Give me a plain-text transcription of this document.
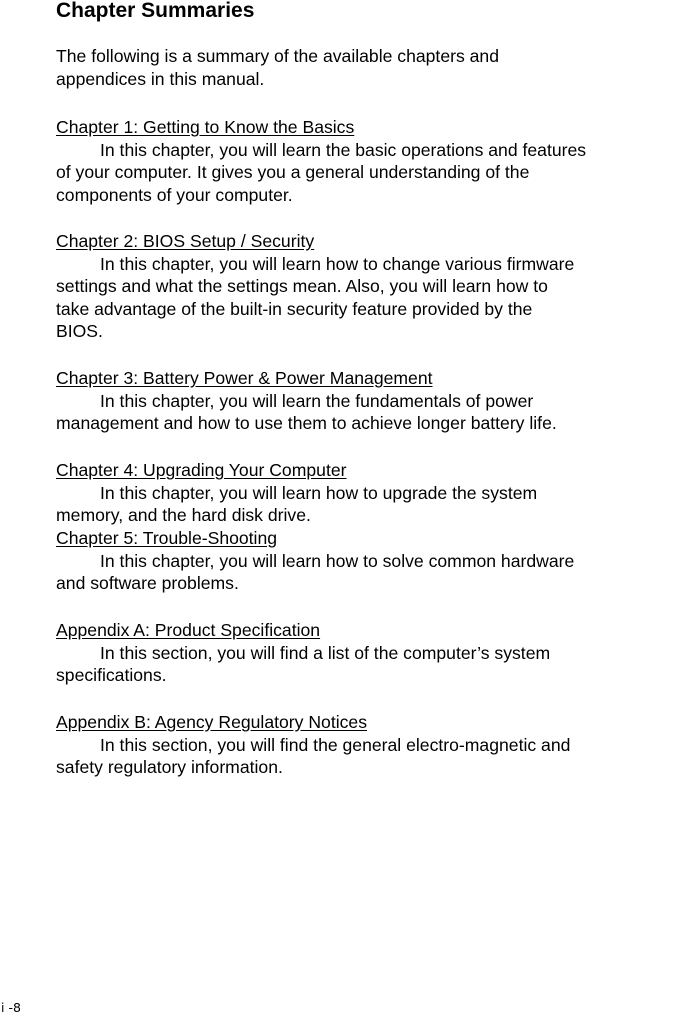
Chapter Summaries
The following is a summary of the available chapters and
appendices in this manual.
Chapter 1: Getting to Know the Basics
In this chapter, you will learn the basic operations and features
of your computer. It gives you a general understanding of the
components of your computer.
Chapter 2: BIOS Setup / Security
In this chapter, you will learn how to change various firmware
settings and what the settings mean. Also, you will learn how to
take advantage of the built-in security feature provided by the
BIOS.
Chapter 3: Battery Power & Power Management
In this chapter, you will learn the fundamentals of power
management and how to use them to achieve longer battery life.
Chapter 4: Upgrading Your Computer
In this chapter, you will learn how to upgrade the system
memory, and the hard disk drive.
Chapter 5: Trouble-Shooting
In this chapter, you will learn how to solve common hardware
and software problems.
Appendix A: Product Specification
In this section, you will find a list of the computer’s system
specifications.
Appendix B: Agency Regulatory Notices
In this section, you will find the general electro-magnetic and
safety regulatory information.
i -8
